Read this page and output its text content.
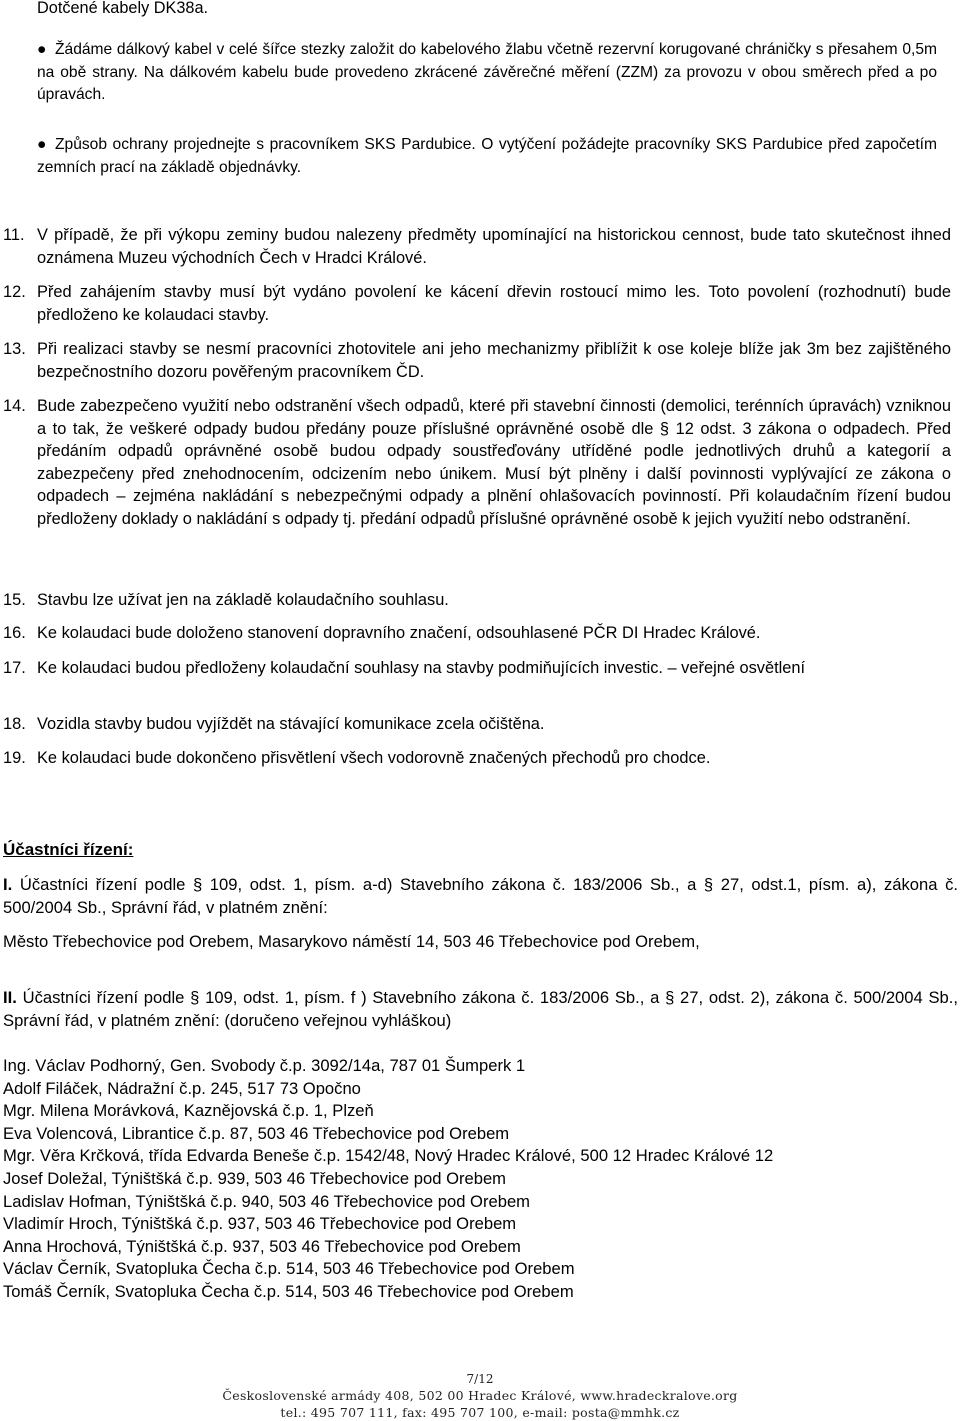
Dotčené kabely DK38a.
● Žádáme dálkový kabel v celé šířce stezky založit do kabelového žlabu včetně rezervní korugované chráničky s přesahem 0,5m na obě strany. Na dálkovém kabelu bude provedeno zkrácené závěrečné měření (ZZM) za provozu v obou směrech před a po úpravách.
● Způsob ochrany projednejte s pracovníkem SKS Pardubice. O vytýčení požádejte pracovníky SKS Pardubice před započetím zemních prací na základě objednávky.
11. V případě, že při výkopu zeminy budou nalezeny předměty upomínající na historickou cennost, bude tato skutečnost ihned oznámena Muzeu východních Čech v Hradci Králové.
12. Před zahájením stavby musí být vydáno povolení ke kácení dřevin rostoucí mimo les. Toto povolení (rozhodnutí) bude předloženo ke kolaudaci stavby.
13. Při realizaci stavby se nesmí pracovníci zhotovitele ani jeho mechanizmy přiblížit k ose koleje blíže jak 3m bez zajištěného bezpečnostního dozoru pověřeným pracovníkem ČD.
14. Bude zabezpečeno využití nebo odstranění všech odpadů, které při stavební činnosti (demolici, terénních úpravách) vzniknou a to tak, že veškeré odpady budou předány pouze příslušné oprávněné osobě dle § 12 odst. 3 zákona o odpadech. Před předáním odpadů oprávněné osobě budou odpady soustřeďovány utříděné podle jednotlivých druhů a kategorií a zabezpečeny před znehodnocením, odcizením nebo únikem. Musí být plněny i další povinnosti vyplývající ze zákona o odpadech – zejména nakládání s nebezpečnými odpady a plnění ohlašovacích povinností. Při kolaudačním řízení budou předloženy doklady o nakládání s odpady tj. předání odpadů příslušné oprávněné osobě k jejich využití nebo odstranění.
15. Stavbu lze užívat jen na základě kolaudačního souhlasu.
16. Ke kolaudaci bude doloženo stanovení dopravního značení, odsouhlasené PČR DI Hradec Králové.
17. Ke kolaudaci budou předloženy kolaudační souhlasy na stavby podmiňujících investic. – veřejné osvětlení
18. Vozidla stavby budou vyjíždět na stávající komunikace zcela očištěna.
19. Ke kolaudaci bude dokončeno přisvětlení všech vodorovně značených přechodů pro chodce.
Účastníci řízení:
I. Účastníci řízení podle § 109, odst. 1, písm. a-d) Stavebního zákona č. 183/2006 Sb., a § 27, odst.1, písm. a), zákona č. 500/2004 Sb., Správní řád, v platném znění:
Město Třebechovice pod Orebem, Masarykovo náměstí 14, 503 46 Třebechovice pod Orebem,
II. Účastníci řízení podle § 109, odst. 1, písm. f ) Stavebního zákona č. 183/2006 Sb., a § 27, odst. 2), zákona č. 500/2004 Sb., Správní řád, v platném znění: (doručeno veřejnou vyhláškou)
Ing. Václav Podhorný, Gen. Svobody č.p. 3092/14a, 787 01 Šumperk 1
Adolf Filáček, Nádražní č.p. 245, 517 73 Opočno
Mgr. Milena Morávková, Kaznějovská č.p. 1, Plzeň
Eva Volencová, Librantice č.p. 87, 503 46 Třebechovice pod Orebem
Mgr. Věra Krčková, třída Edvarda Beneše č.p. 1542/48, Nový Hradec Králové, 500 12 Hradec Králové 12
Josef Doležal, Týništšká č.p. 939, 503 46 Třebechovice pod Orebem
Ladislav Hofman, Týništšká č.p. 940, 503 46 Třebechovice pod Orebem
Vladimír Hroch, Týništšká č.p. 937, 503 46 Třebechovice pod Orebem
Anna Hrochová, Týništšká č.p. 937, 503 46 Třebechovice pod Orebem
Václav Černík, Svatopluka Čecha č.p. 514, 503 46 Třebechovice pod Orebem
Tomáš Černík, Svatopluka Čecha č.p. 514, 503 46 Třebechovice pod Orebem
7/12
Československé armády 408, 502 00 Hradec Králové, www.hradeckralove.org
tel.: 495 707 111, fax: 495 707 100, e-mail: posta@mmhk.cz
